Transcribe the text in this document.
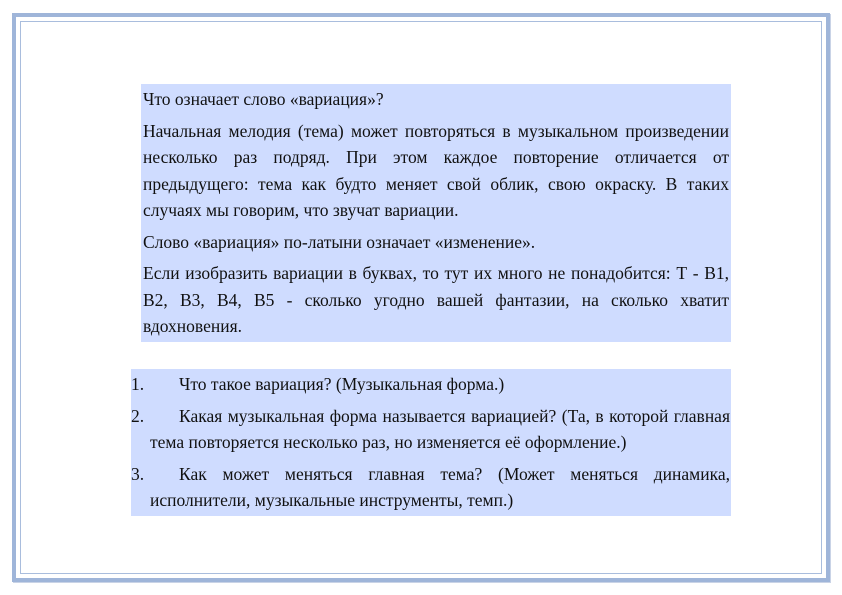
Что означает слово «вариация»?

Начальная мелодия (тема) может повторяться в музыкальном произведении несколько раз подряд. При этом каждое повторение отличается от предыдущего: тема как будто меняет свой облик, свою окраску. В таких случаях мы говорим, что звучат вариации.

Слово «вариация» по-латыни означает «изменение».

Если изобразить вариации в буквах, то тут их много не понадобится: Т - В1, В2, В3, В4, В5 - сколько угодно вашей фантазии, на сколько хватит вдохновения.

1.	Что такое вариация? (Музыкальная форма.)
2.	Какая музыкальная форма называется вариацией? (Та, в которой главная тема повторяется несколько раз, но изменяется её оформление.)
3.	Как может меняться главная тема? (Может меняться динамика, исполнители, музыкальные инструменты, темп.)
